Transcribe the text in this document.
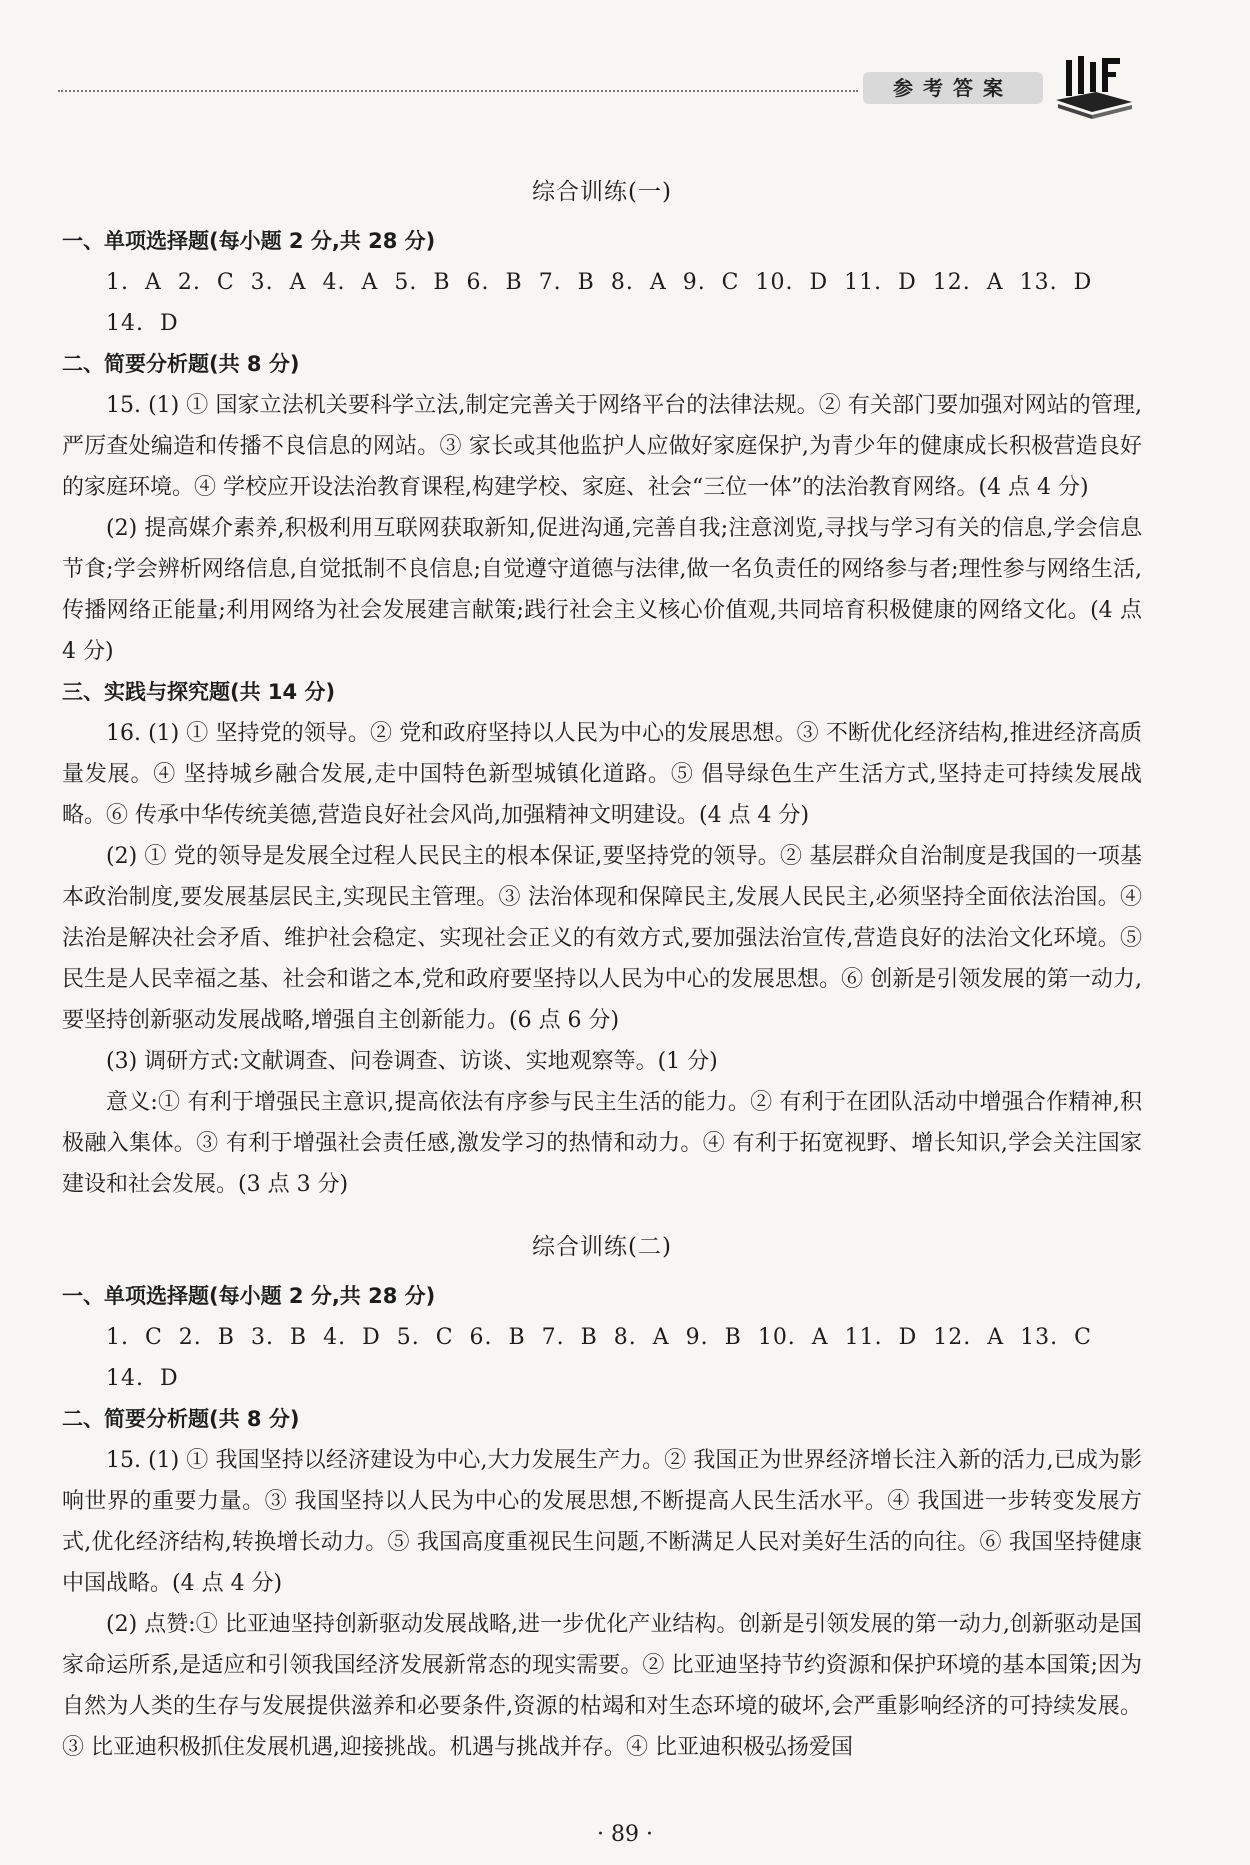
参考答案

综合训练(一)

一、单项选择题(每小题 2 分,共 28 分)

1. A 2. C 3. A 4. A 5. B 6. B 7. B 8. A 9. C 10. D 11. D 12. A 13. D 14. D

二、简要分析题(共 8 分)

15. (1) ① 国家立法机关要科学立法,制定完善关于网络平台的法律法规。② 有关部门要加强对网站的管理,严厉查处编造和传播不良信息的网站。③ 家长或其他监护人应做好家庭保护,为青少年的健康成长积极营造良好的家庭环境。④ 学校应开设法治教育课程,构建学校、家庭、社会“三位一体”的法治教育网络。(4 点 4 分)

(2) 提高媒介素养,积极利用互联网获取新知,促进沟通,完善自我;注意浏览,寻找与学习有关的信息,学会信息节食;学会辨析网络信息,自觉抵制不良信息;自觉遵守道德与法律,做一名负责任的网络参与者;理性参与网络生活,传播网络正能量;利用网络为社会发展建言献策;践行社会主义核心价值观,共同培育积极健康的网络文化。(4 点 4 分)

三、实践与探究题(共 14 分)

16. (1) ① 坚持党的领导。② 党和政府坚持以人民为中心的发展思想。③ 不断优化经济结构,推进经济高质量发展。④ 坚持城乡融合发展,走中国特色新型城镇化道路。⑤ 倡导绿色生产生活方式,坚持走可持续发展战略。⑥ 传承中华传统美德,营造良好社会风尚,加强精神文明建设。(4 点 4 分)

(2) ① 党的领导是发展全过程人民民主的根本保证,要坚持党的领导。② 基层群众自治制度是我国的一项基本政治制度,要发展基层民主,实现民主管理。③ 法治体现和保障民主,发展人民民主,必须坚持全面依法治国。④ 法治是解决社会矛盾、维护社会稳定、实现社会正义的有效方式,要加强法治宣传,营造良好的法治文化环境。⑤ 民生是人民幸福之基、社会和谐之本,党和政府要坚持以人民为中心的发展思想。⑥ 创新是引领发展的第一动力,要坚持创新驱动发展战略,增强自主创新能力。(6 点 6 分)

(3) 调研方式:文献调查、问卷调查、访谈、实地观察等。(1 分)

意义:① 有利于增强民主意识,提高依法有序参与民主生活的能力。② 有利于在团队活动中增强合作精神,积极融入集体。③ 有利于增强社会责任感,激发学习的热情和动力。④ 有利于拓宽视野、增长知识,学会关注国家建设和社会发展。(3 点 3 分)

综合训练(二)

一、单项选择题(每小题 2 分,共 28 分)

1. C 2. B 3. B 4. D 5. C 6. B 7. B 8. A 9. B 10. A 11. D 12. A 13. C 14. D

二、简要分析题(共 8 分)

15. (1) ① 我国坚持以经济建设为中心,大力发展生产力。② 我国正为世界经济增长注入新的活力,已成为影响世界的重要力量。③ 我国坚持以人民为中心的发展思想,不断提高人民生活水平。④ 我国进一步转变发展方式,优化经济结构,转换增长动力。⑤ 我国高度重视民生问题,不断满足人民对美好生活的向往。⑥ 我国坚持健康中国战略。(4 点 4 分)

(2) 点赞:① 比亚迪坚持创新驱动发展战略,进一步优化产业结构。创新是引领发展的第一动力,创新驱动是国家命运所系,是适应和引领我国经济发展新常态的现实需要。② 比亚迪坚持节约资源和保护环境的基本国策;因为自然为人类的生存与发展提供滋养和必要条件,资源的枯竭和对生态环境的破坏,会严重影响经济的可持续发展。③ 比亚迪积极抓住发展机遇,迎接挑战。机遇与挑战并存。④ 比亚迪积极弘扬爱国

· 89 ·
